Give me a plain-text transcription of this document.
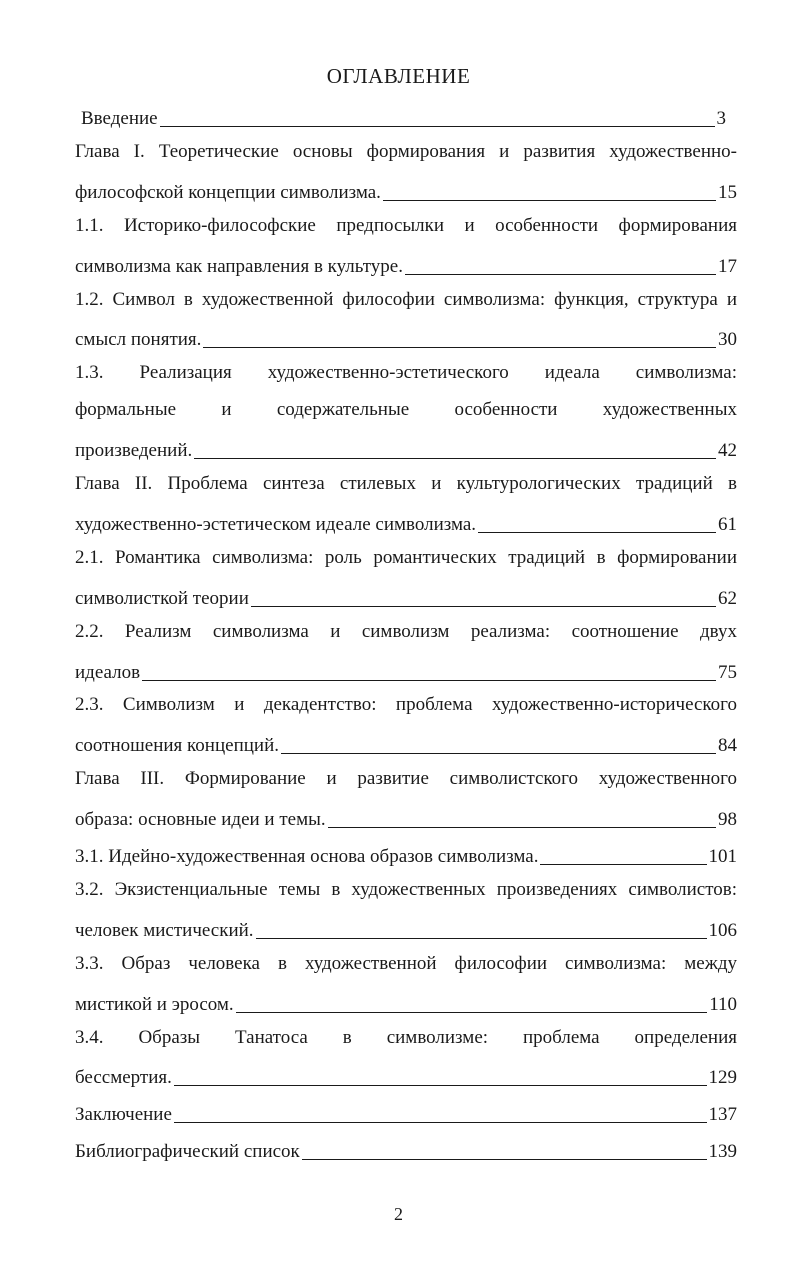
ОГЛАВЛЕНИЕ
Введение	3
Глава I. Теоретические основы формирования и развития художественно-
философской концепции символизма.	15
1.1. Историко-философские предпосылки и особенности формирования
символизма как направления в культуре.	17
1.2. Символ в художественной философии символизма: функция, структура и
смысл понятия.	30
1.3. Реализация художественно-эстетического идеала символизма:
формальные и содержательные особенности художественных
произведений.	42
Глава II. Проблема синтеза стилевых и культурологических традиций в
художественно-эстетическом идеале символизма.	61
2.1. Романтика символизма: роль романтических традиций в формировании
символисткой теории	62
2.2. Реализм символизма и символизм реализма: соотношение двух
идеалов	75
2.3. Символизм и декадентство: проблема художественно-исторического
соотношения концепций.	84
Глава III. Формирование и развитие символистского художественного
образа: основные идеи и темы.	98
3.1. Идейно-художественная основа образов символизма.	101
3.2. Экзистенциальные темы в художественных произведениях символистов:
человек мистический.	106
3.3. Образ человека в художественной философии символизма: между
мистикой и эросом.	110
3.4. Образы Танатоса в символизме: проблема определения
бессмертия.	129
Заключение	137
Библиографический список	139
2
